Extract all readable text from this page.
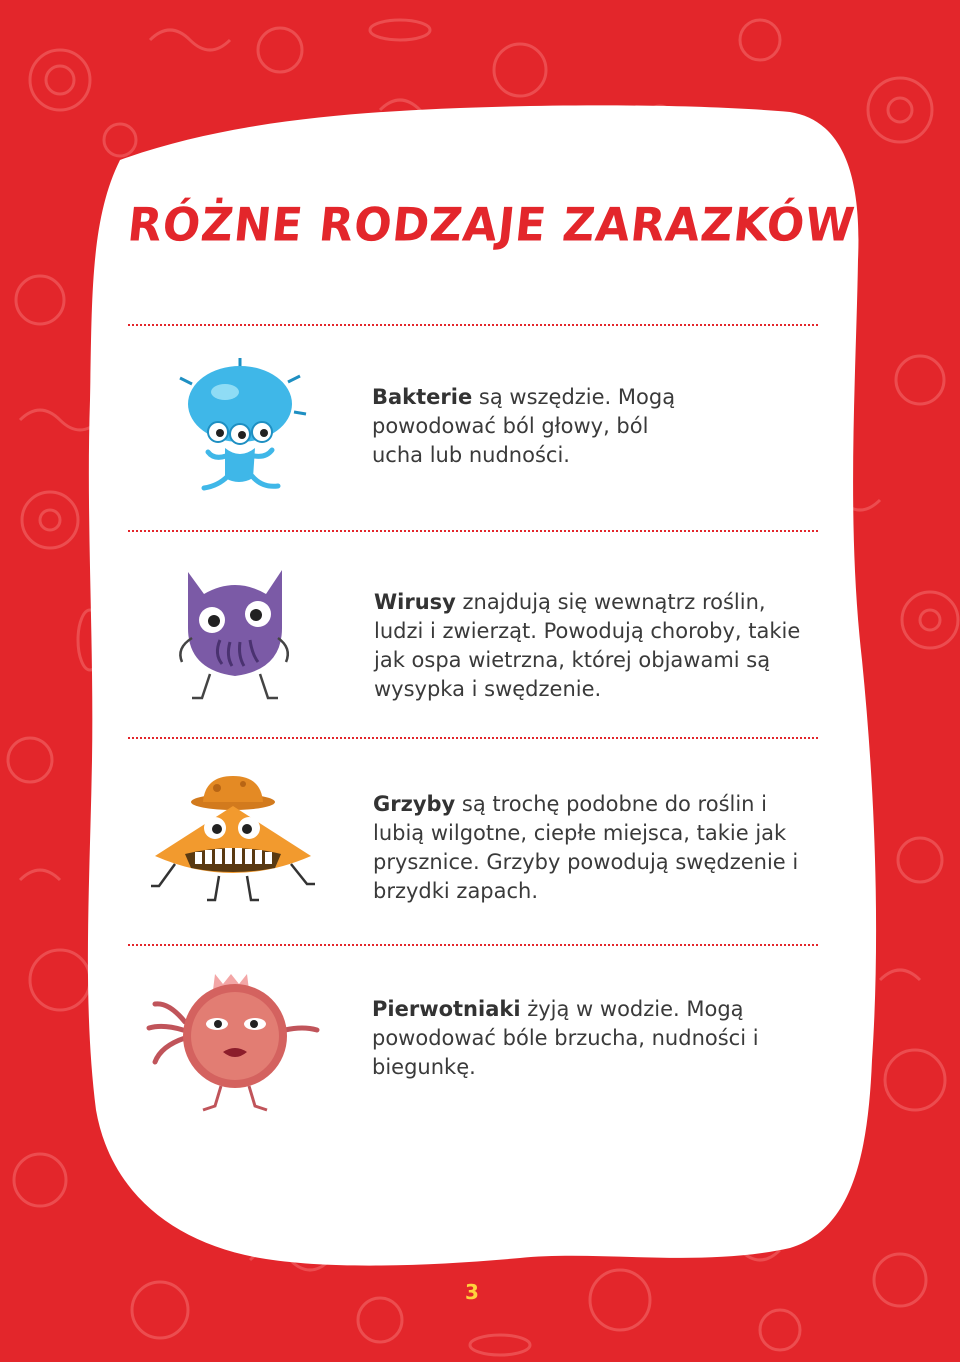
RÓŻNE RODZAJE ZARAZKÓW

Bakterie są wszędzie. Mogą powodować ból głowy, ból ucha lub nudności.

Wirusy znajdują się wewnątrz roślin, ludzi i zwierząt. Powodują choroby, takie jak ospa wietrzna, której objawami są wysypka i swędzenie.

Grzyby są trochę podobne do roślin i lubią wilgotne, ciepłe miejsca, takie jak prysznice. Grzyby powodują swędzenie i brzydki zapach.

Pierwotniaki żyją w wodzie. Mogą powodować bóle brzucha, nudności i biegunkę.

3
